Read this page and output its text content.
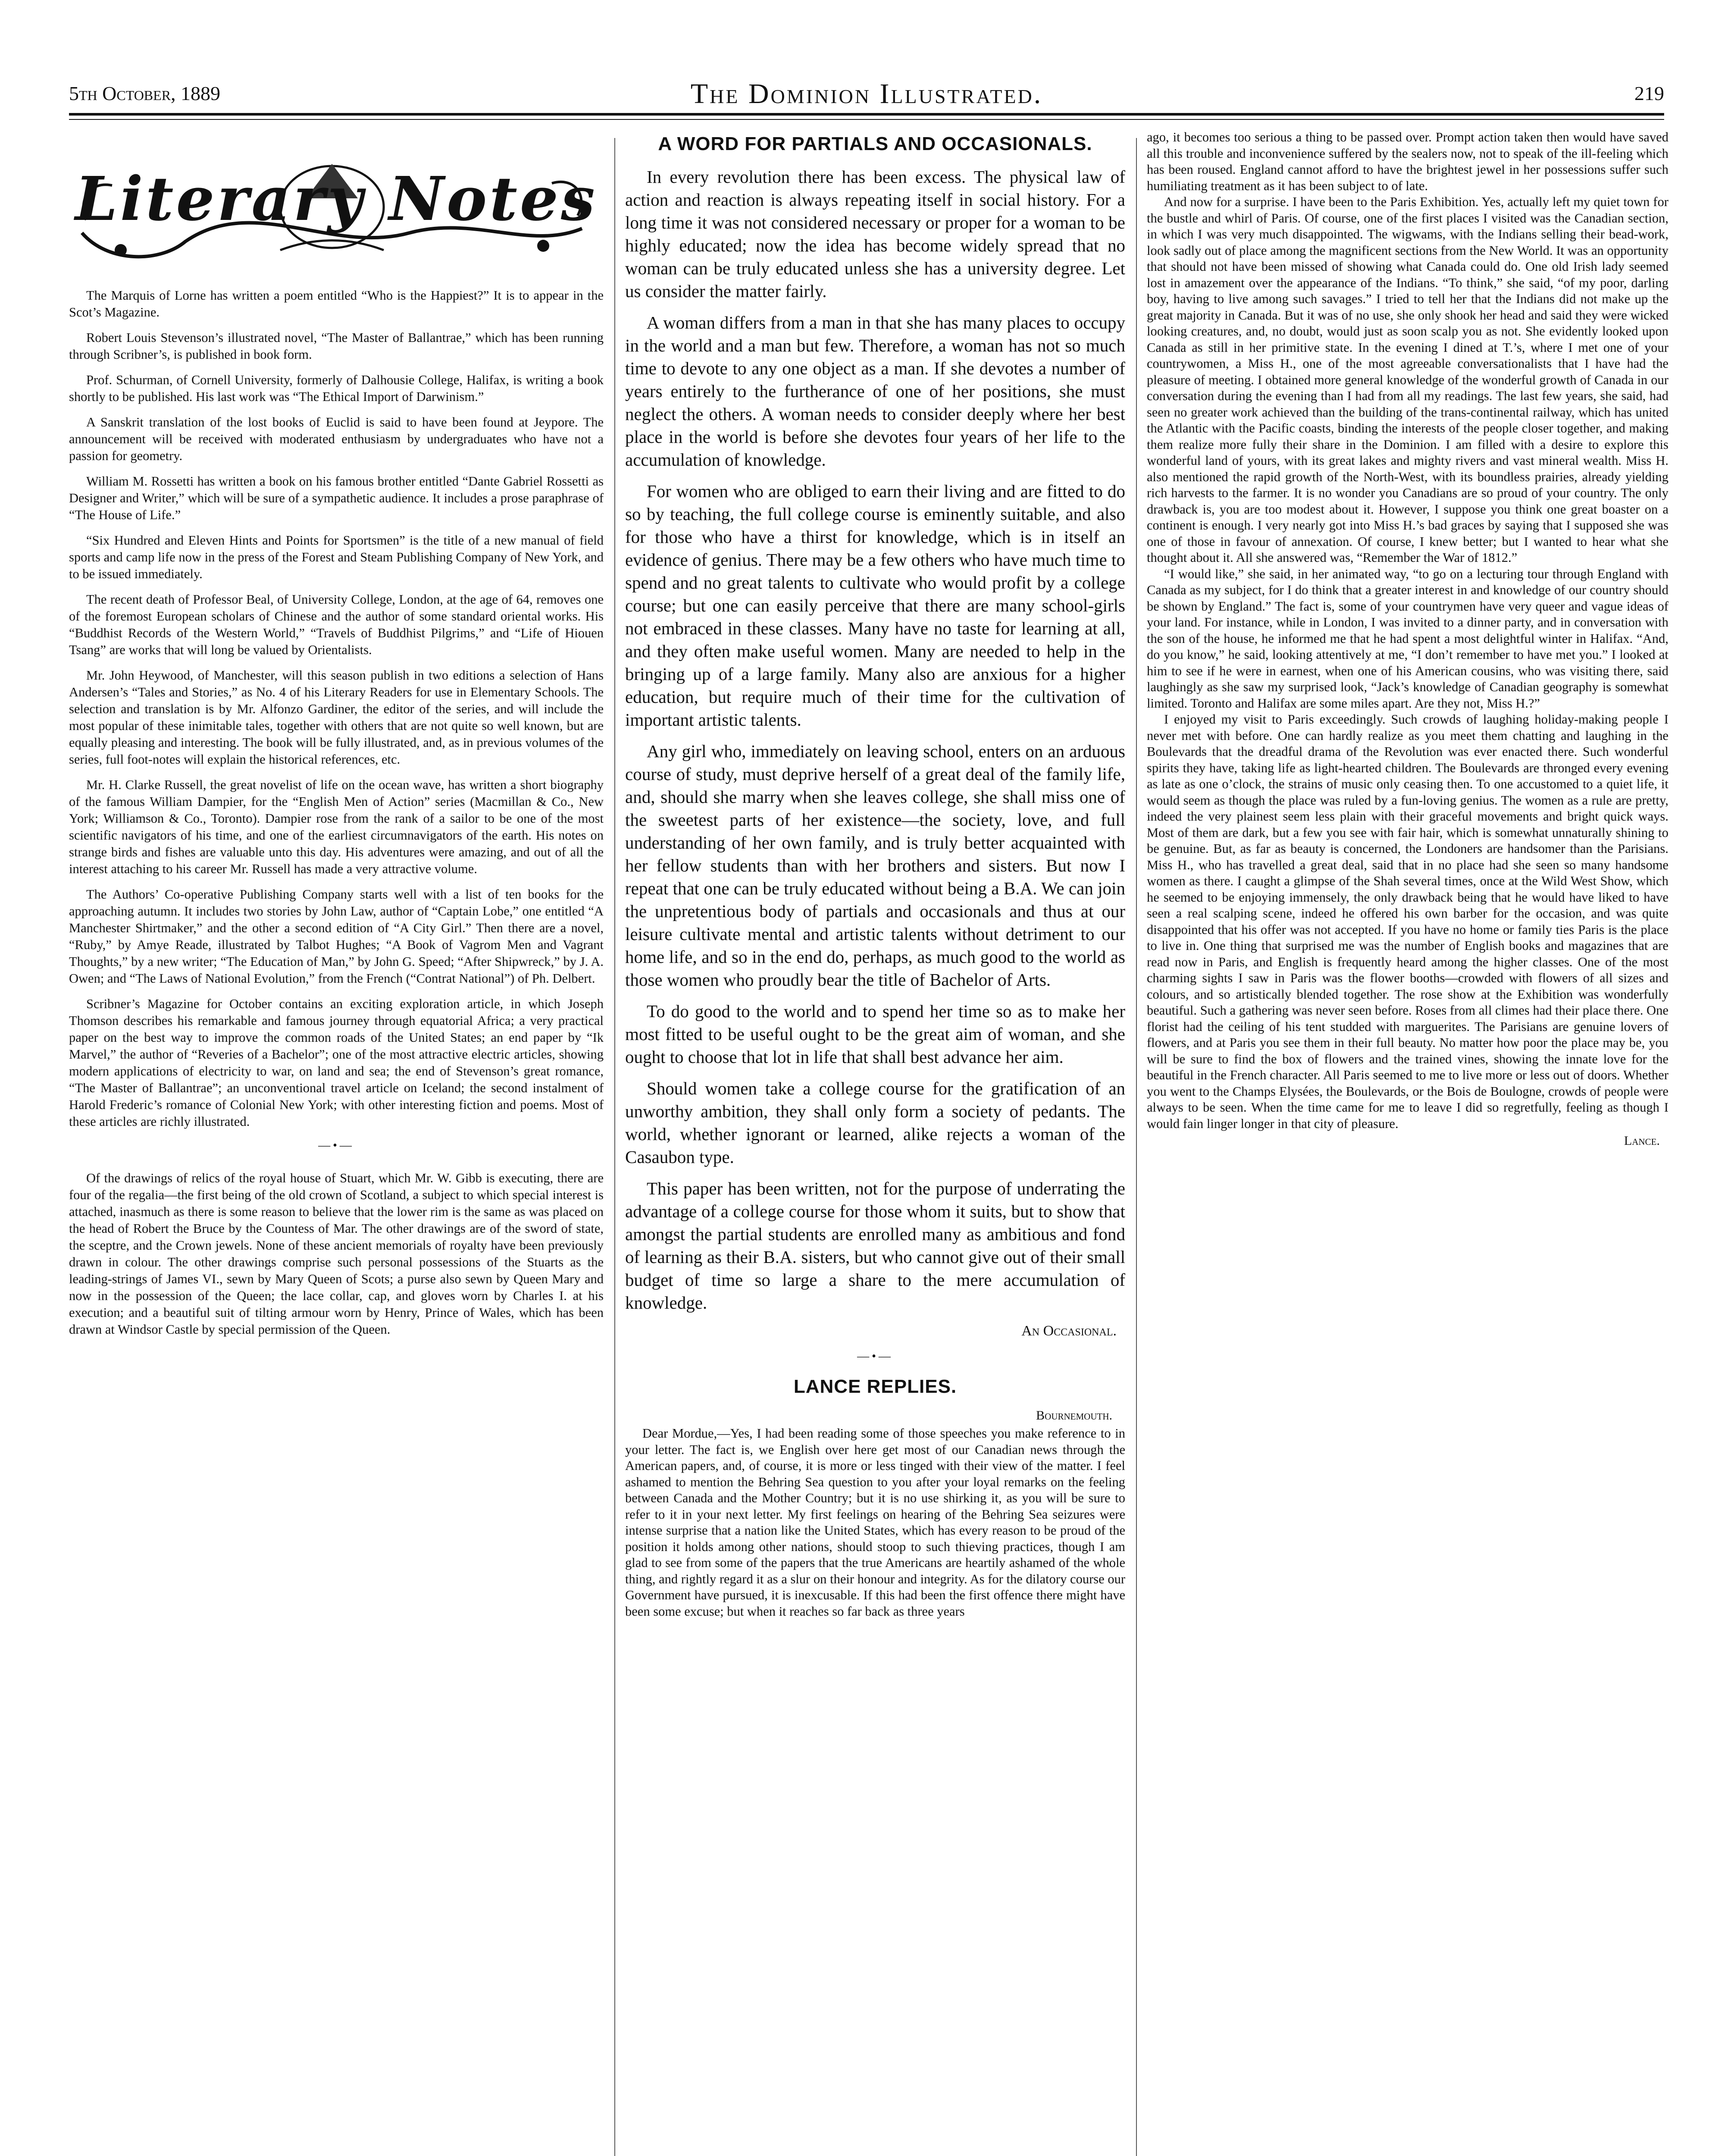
5th October, 1889	The Dominion Illustrated.	219
Literary Notes

The Marquis of Lorne has written a poem entitled “Who is the Happiest?” It is to appear in the Scot’s Magazine.

Robert Louis Stevenson’s illustrated novel, “The Master of Ballantrae,” which has been running through Scribner’s, is published in book form.

Prof. Schurman, of Cornell University, formerly of Dalhousie College, Halifax, is writing a book shortly to be published. His last work was “The Ethical Import of Darwinism.”

A Sanskrit translation of the lost books of Euclid is said to have been found at Jeypore. The announcement will be received with moderated enthusiasm by undergraduates who have not a passion for geometry.

William M. Rossetti has written a book on his famous brother entitled “Dante Gabriel Rossetti as Designer and Writer,” which will be sure of a sympathetic audience. It includes a prose paraphrase of “The House of Life.”

“Six Hundred and Eleven Hints and Points for Sportsmen” is the title of a new manual of field sports and camp life now in the press of the Forest and Steam Publishing Company of New York, and to be issued immediately.

The recent death of Professor Beal, of University College, London, at the age of 64, removes one of the foremost European scholars of Chinese and the author of some standard oriental works. His “Buddhist Records of the Western World,” “Travels of Buddhist Pilgrims,” and “Life of Hiouen Tsang” are works that will long be valued by Orientalists.

Mr. John Heywood, of Manchester, will this season publish in two editions a selection of Hans Andersen’s “Tales and Stories,” as No. 4 of his Literary Readers for use in Elementary Schools. The selection and translation is by Mr. Alfonzo Gardiner, the editor of the series, and will include the most popular of these inimitable tales, together with others that are not quite so well known, but are equally pleasing and interesting. The book will be fully illustrated, and, as in previous volumes of the series, full foot-notes will explain the historical references, etc.

Mr. H. Clarke Russell, the great novelist of life on the ocean wave, has written a short biography of the famous William Dampier, for the “English Men of Action” series (Macmillan & Co., New York; Williamson & Co., Toronto). Dampier rose from the rank of a sailor to be one of the most scientific navigators of his time, and one of the earliest circumnavigators of the earth. His notes on strange birds and fishes are valuable unto this day. His adventures were amazing, and out of all the interest attaching to his career Mr. Russell has made a very attractive volume.

The Authors’ Co-operative Publishing Company starts well with a list of ten books for the approaching autumn. It includes two stories by John Law, author of “Captain Lobe,” one entitled “A Manchester Shirtmaker,” and the other a second edition of “A City Girl.” Then there are a novel, “Ruby,” by Amye Reade, illustrated by Talbot Hughes; “A Book of Vagrom Men and Vagrant Thoughts,” by a new writer; “The Education of Man,” by John G. Speed; “After Shipwreck,” by J. A. Owen; and “The Laws of National Evolution,” from the French (“Contrat National”) of Ph. Delbert.

Scribner’s Magazine for October contains an exciting exploration article, in which Joseph Thomson describes his remarkable and famous journey through equatorial Africa; a very practical paper on the best way to improve the common roads of the United States; an end paper by “Ik Marvel,” the author of “Reveries of a Bachelor”; one of the most attractive electric articles, showing modern applications of electricity to war, on land and sea; the end of Stevenson’s great romance, “The Master of Ballantrae”; an unconventional travel article on Iceland; the second instalment of Harold Frederic’s romance of Colonial New York; with other interesting fiction and poems. Most of these articles are richly illustrated.

—•—

Of the drawings of relics of the royal house of Stuart, which Mr. W. Gibb is executing, there are four of the regalia—the first being of the old crown of Scotland, a subject to which special interest is attached, inasmuch as there is some reason to believe that the lower rim is the same as was placed on the head of Robert the Bruce by the Countess of Mar. The other drawings are of the sword of state, the sceptre, and the Crown jewels. None of these ancient memorials of royalty have been previously drawn in colour. The other drawings comprise such personal possessions of the Stuarts as the leading-strings of James VI., sewn by Mary Queen of Scots; a purse also sewn by Queen Mary and now in the possession of the Queen; the lace collar, cap, and gloves worn by Charles I. at his execution; and a beautiful suit of tilting armour worn by Henry, Prince of Wales, which has been drawn at Windsor Castle by special permission of the Queen.

A WORD FOR PARTIALS AND OCCASIONALS.

In every revolution there has been excess. The physical law of action and reaction is always repeating itself in social history. For a long time it was not considered necessary or proper for a woman to be highly educated; now the idea has become widely spread that no woman can be truly educated unless she has a university degree. Let us consider the matter fairly.

A woman differs from a man in that she has many places to occupy in the world and a man but few. Therefore, a woman has not so much time to devote to any one object as a man. If she devotes a number of years entirely to the furtherance of one of her positions, she must neglect the others. A woman needs to consider deeply where her best place in the world is before she devotes four years of her life to the accumulation of knowledge.

For women who are obliged to earn their living and are fitted to do so by teaching, the full college course is eminently suitable, and also for those who have a thirst for knowledge, which is in itself an evidence of genius. There may be a few others who have much time to spend and no great talents to cultivate who would profit by a college course; but one can easily perceive that there are many school-girls not embraced in these classes. Many have no taste for learning at all, and they often make useful women. Many are needed to help in the bringing up of a large family. Many also are anxious for a higher education, but require much of their time for the cultivation of important artistic talents.

Any girl who, immediately on leaving school, enters on an arduous course of study, must deprive herself of a great deal of the family life, and, should she marry when she leaves college, she shall miss one of the sweetest parts of her existence—the society, love, and full understanding of her own family, and is truly better acquainted with her fellow students than with her brothers and sisters. But now I repeat that one can be truly educated without being a B.A. We can join the unpretentious body of partials and occasionals and thus at our leisure cultivate mental and artistic talents without detriment to our home life, and so in the end do, perhaps, as much good to the world as those women who proudly bear the title of Bachelor of Arts.

To do good to the world and to spend her time so as to make her most fitted to be useful ought to be the great aim of woman, and she ought to choose that lot in life that shall best advance her aim.

Should women take a college course for the gratification of an unworthy ambition, they shall only form a society of pedants. The world, whether ignorant or learned, alike rejects a woman of the Casaubon type.

This paper has been written, not for the purpose of underrating the advantage of a college course for those whom it suits, but to show that amongst the partial students are enrolled many as ambitious and fond of learning as their B.A. sisters, but who cannot give out of their small budget of time so large a share to the mere accumulation of knowledge.

An Occasional.
—•—
LANCE REPLIES.
Bournemouth.

Dear Mordue,—Yes, I had been reading some of those speeches you make reference to in your letter. The fact is, we English over here get most of our Canadian news through the American papers, and, of course, it is more or less tinged with their view of the matter. I feel ashamed to mention the Behring Sea question to you after your loyal remarks on the feeling between Canada and the Mother Country; but it is no use shirking it, as you will be sure to refer to it in your next letter. My first feelings on hearing of the Behring Sea seizures were intense surprise that a nation like the United States, which has every reason to be proud of the position it holds among other nations, should stoop to such thieving practices, though I am glad to see from some of the papers that the true Americans are heartily ashamed of the whole thing, and rightly regard it as a slur on their honour and integrity. As for the dilatory course our Government have pursued, it is inexcusable. If this had been the first offence there might have been some excuse; but when it reaches so far back as three years

ago, it becomes too serious a thing to be passed over. Prompt action taken then would have saved all this trouble and inconvenience suffered by the sealers now, not to speak of the ill-feeling which has been roused. England cannot afford to have the brightest jewel in her possessions suffer such humiliating treatment as it has been subject to of late.

And now for a surprise. I have been to the Paris Exhibition. Yes, actually left my quiet town for the bustle and whirl of Paris. Of course, one of the first places I visited was the Canadian section, in which I was very much disappointed. The wigwams, with the Indians selling their bead-work, look sadly out of place among the magnificent sections from the New World. It was an opportunity that should not have been missed of showing what Canada could do. One old Irish lady seemed lost in amazement over the appearance of the Indians. “To think,” she said, “of my poor, darling boy, having to live among such savages.” I tried to tell her that the Indians did not make up the great majority in Canada. But it was of no use, she only shook her head and said they were wicked looking creatures, and, no doubt, would just as soon scalp you as not. She evidently looked upon Canada as still in her primitive state. In the evening I dined at T.’s, where I met one of your countrywomen, a Miss H., one of the most agreeable conversationalists that I have had the pleasure of meeting. I obtained more general knowledge of the wonderful growth of Canada in our conversation during the evening than I had from all my readings. The last few years, she said, had seen no greater work achieved than the building of the trans-continental railway, which has united the Atlantic with the Pacific coasts, binding the interests of the people closer together, and making them realize more fully their share in the Dominion. I am filled with a desire to explore this wonderful land of yours, with its great lakes and mighty rivers and vast mineral wealth. Miss H. also mentioned the rapid growth of the North-West, with its boundless prairies, already yielding rich harvests to the farmer. It is no wonder you Canadians are so proud of your country. The only drawback is, you are too modest about it. However, I suppose you think one great boaster on a continent is enough. I very nearly got into Miss H.’s bad graces by saying that I supposed she was one of those in favour of annexation. Of course, I knew better; but I wanted to hear what she thought about it. All she answered was, “Remember the War of 1812.”

“I would like,” she said, in her animated way, “to go on a lecturing tour through England with Canada as my subject, for I do think that a greater interest in and knowledge of our country should be shown by England.” The fact is, some of your countrymen have very queer and vague ideas of your land. For instance, while in London, I was invited to a dinner party, and in conversation with the son of the house, he informed me that he had spent a most delightful winter in Halifax. “And, do you know,” he said, looking attentively at me, “I don’t remember to have met you.” I looked at him to see if he were in earnest, when one of his American cousins, who was visiting there, said laughingly as she saw my surprised look, “Jack’s knowledge of Canadian geography is somewhat limited. Toronto and Halifax are some miles apart. Are they not, Miss H.?”

I enjoyed my visit to Paris exceedingly. Such crowds of laughing holiday-making people I never met with before. One can hardly realize as you meet them chatting and laughing in the Boulevards that the dreadful drama of the Revolution was ever enacted there. Such wonderful spirits they have, taking life as light-hearted children. The Boulevards are thronged every evening as late as one o’clock, the strains of music only ceasing then. To one accustomed to a quiet life, it would seem as though the place was ruled by a fun-loving genius. The women as a rule are pretty, indeed the very plainest seem less plain with their graceful movements and bright quick ways. Most of them are dark, but a few you see with fair hair, which is somewhat unnaturally shining to be genuine. But, as far as beauty is concerned, the Londoners are handsomer than the Parisians. Miss H., who has travelled a great deal, said that in no place had she seen so many handsome women as there. I caught a glimpse of the Shah several times, once at the Wild West Show, which he seemed to be enjoying immensely, the only drawback being that he would have liked to have seen a real scalping scene, indeed he offered his own barber for the occasion, and was quite disappointed that his offer was not accepted. If you have no home or family ties Paris is the place to live in. One thing that surprised me was the number of English books and magazines that are read now in Paris, and English is frequently heard among the higher classes. One of the most charming sights I saw in Paris was the flower booths—crowded with flowers of all sizes and colours, and so artistically blended together. The rose show at the Exhibition was wonderfully beautiful. Such a gathering was never seen before. Roses from all climes had their place there. One florist had the ceiling of his tent studded with marguerites. The Parisians are genuine lovers of flowers, and at Paris you see them in their full beauty. No matter how poor the place may be, you will be sure to find the box of flowers and the trained vines, showing the innate love for the beautiful in the French character. All Paris seemed to me to live more or less out of doors. Whether you went to the Champs Elysées, the Boulevards, or the Bois de Boulogne, crowds of people were always to be seen. When the time came for me to leave I did so regretfully, feeling as though I would fain linger longer in that city of pleasure.

Lance.
